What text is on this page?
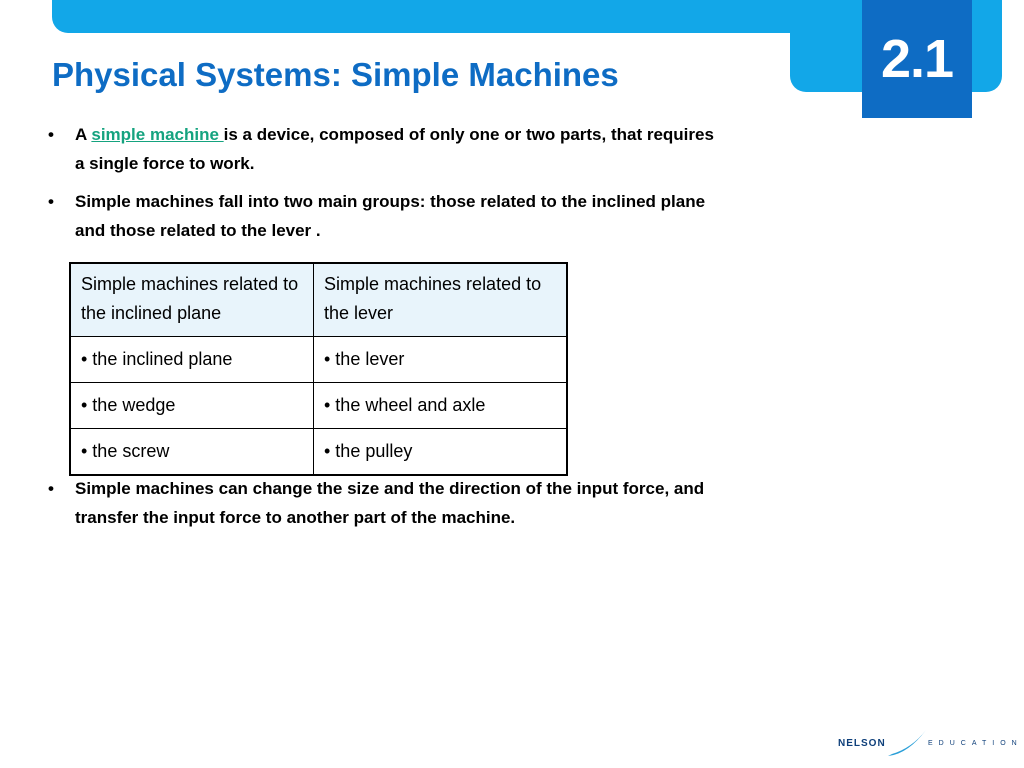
2.1
Physical Systems: Simple Machines
•	A simple machine is a device, composed of only one or two parts, that requires a single force to work.
•	Simple machines fall into two main groups: those related to the inclined plane and those related to the lever .
Simple machines related to the inclined plane	Simple machines related to the lever
• the inclined plane	• the lever
• the wedge	• the wheel and axle
• the screw	• the pulley
•	Simple machines can change the size and the direction of the input force, and transfer the input force to another part of the machine.
NELSON	EDUCATION
